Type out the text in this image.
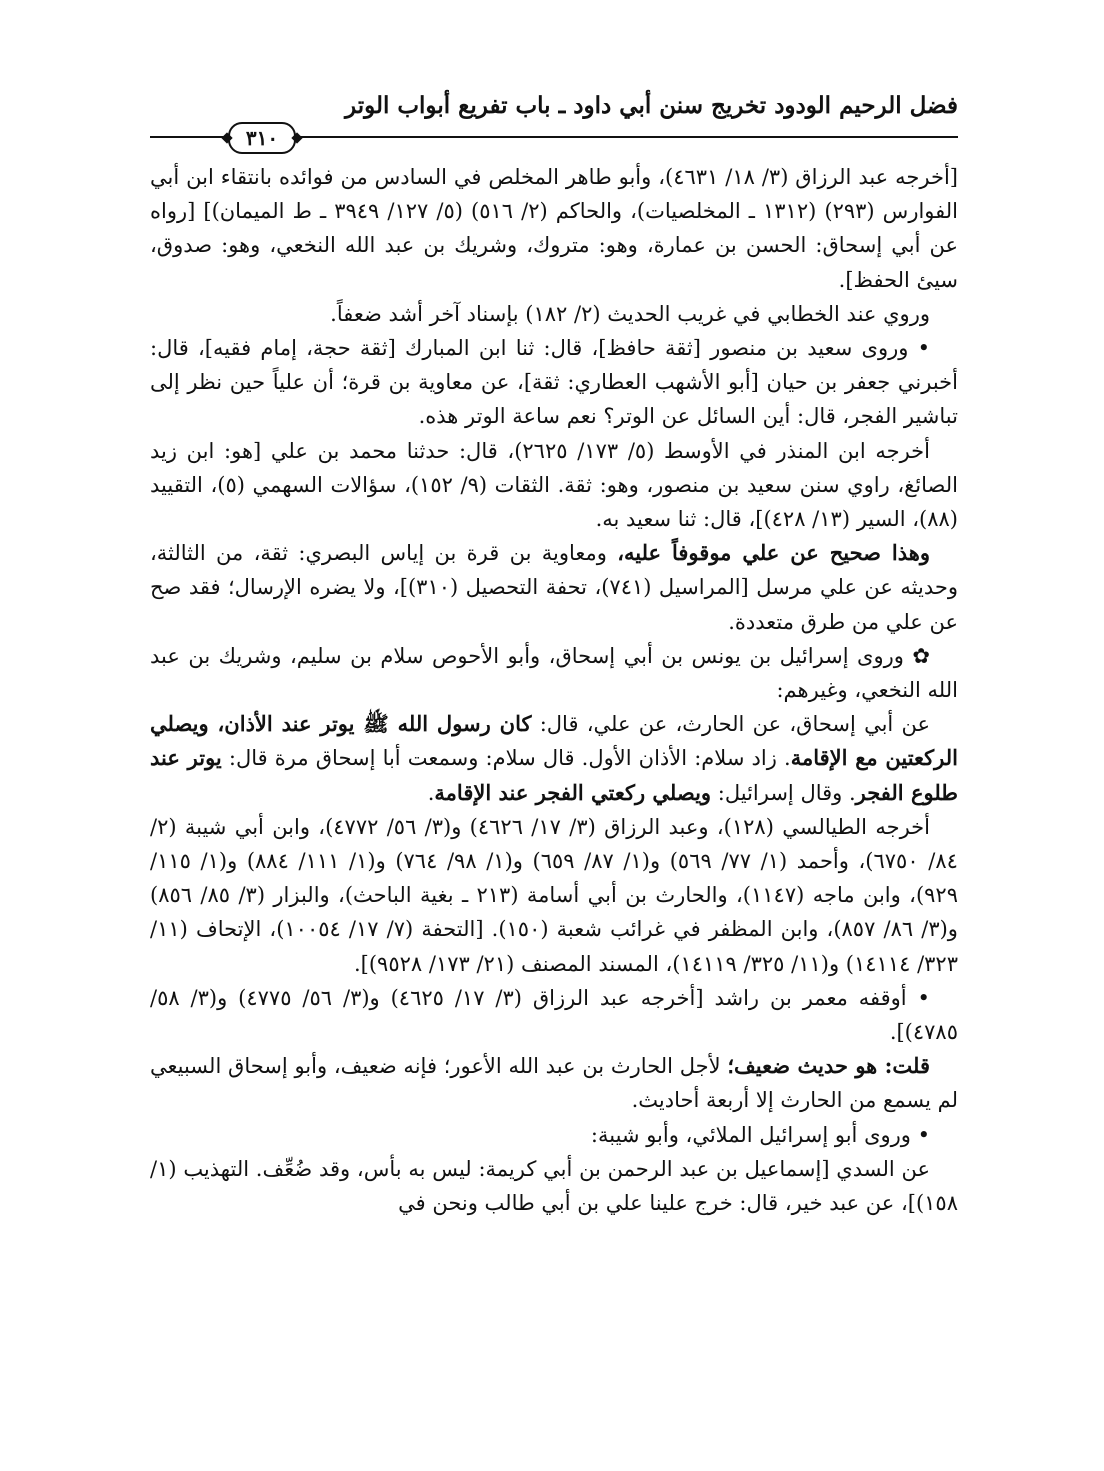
فضل الرحيم الودود تخريج سنن أبي داود ـ باب تفريع أبواب الوتر
٣١٠

[أخرجه عبد الرزاق (٣/ ١٨/ ٤٦٣١)، وأبو طاهر المخلص في السادس من فوائده بانتقاء ابن أبي الفوارس (٢٩٣) (١٣١٢ ـ المخلصيات)، والحاكم (٢/ ٥١٦) (٥/ ١٢٧/ ٣٩٤٩ ـ ط الميمان)] [رواه عن أبي إسحاق: الحسن بن عمارة، وهو: متروك، وشريك بن عبد الله النخعي، وهو: صدوق، سيئ الحفظ].

وروي عند الخطابي في غريب الحديث (٢/ ١٨٢) بإسناد آخر أشد ضعفاً.

• وروى سعيد بن منصور [ثقة حافظ]، قال: ثنا ابن المبارك [ثقة حجة، إمام فقيه]، قال: أخبرني جعفر بن حيان [أبو الأشهب العطاري: ثقة]، عن معاوية بن قرة؛ أن علياً حين نظر إلى تباشير الفجر، قال: أين السائل عن الوتر؟ نعم ساعة الوتر هذه.

أخرجه ابن المنذر في الأوسط (٥/ ١٧٣/ ٢٦٢٥)، قال: حدثنا محمد بن علي [هو: ابن زيد الصائغ، راوي سنن سعيد بن منصور، وهو: ثقة. الثقات (٩/ ١٥٢)، سؤالات السهمي (٥)، التقييد (٨٨)، السير (١٣/ ٤٢٨)]، قال: ثنا سعيد به.

وهذا صحيح عن علي موقوفاً عليه، ومعاوية بن قرة بن إياس البصري: ثقة، من الثالثة، وحديثه عن علي مرسل [المراسيل (٧٤١)، تحفة التحصيل (٣١٠)]، ولا يضره الإرسال؛ فقد صح عن علي من طرق متعددة.

✿ وروى إسرائيل بن يونس بن أبي إسحاق، وأبو الأحوص سلام بن سليم، وشريك بن عبد الله النخعي، وغيرهم:

عن أبي إسحاق، عن الحارث، عن علي، قال: كان رسول الله ﷺ يوتر عند الأذان، ويصلي الركعتين مع الإقامة. زاد سلام: الأذان الأول. قال سلام: وسمعت أبا إسحاق مرة قال: يوتر عند طلوع الفجر. وقال إسرائيل: ويصلي ركعتي الفجر عند الإقامة.

أخرجه الطيالسي (١٢٨)، وعبد الرزاق (٣/ ١٧/ ٤٦٢٦) و(٣/ ٥٦/ ٤٧٧٢)، وابن أبي شيبة (٢/ ٨٤/ ٦٧٥٠)، وأحمد (١/ ٧٧/ ٥٦٩) و(١/ ٨٧/ ٦٥٩) و(١/ ٩٨/ ٧٦٤) و(١/ ١١١/ ٨٨٤) و(١/ ١١٥/ ٩٢٩)، وابن ماجه (١١٤٧)، والحارث بن أبي أسامة (٢١٣ ـ بغية الباحث)، والبزار (٣/ ٨٥/ ٨٥٦) و(٣/ ٨٦/ ٨٥٧)، وابن المظفر في غرائب شعبة (١٥٠). [التحفة (٧/ ١٧/ ١٠٠٥٤)، الإتحاف (١١/ ٣٢٣/ ١٤١١٤) و(١١/ ٣٢٥/ ١٤١١٩)، المسند المصنف (٢١/ ١٧٣/ ٩٥٢٨)].

• أوقفه معمر بن راشد [أخرجه عبد الرزاق (٣/ ١٧/ ٤٦٢٥) و(٣/ ٥٦/ ٤٧٧٥) و(٣/ ٥٨/ ٤٧٨٥)].

قلت: هو حديث ضعيف؛ لأجل الحارث بن عبد الله الأعور؛ فإنه ضعيف، وأبو إسحاق السبيعي لم يسمع من الحارث إلا أربعة أحاديث.

• وروى أبو إسرائيل الملائي، وأبو شيبة:

عن السدي [إسماعيل بن عبد الرحمن بن أبي كريمة: ليس به بأس، وقد ضُعِّف. التهذيب (١/ ١٥٨)]، عن عبد خير، قال: خرج علينا علي بن أبي طالب ونحن في
